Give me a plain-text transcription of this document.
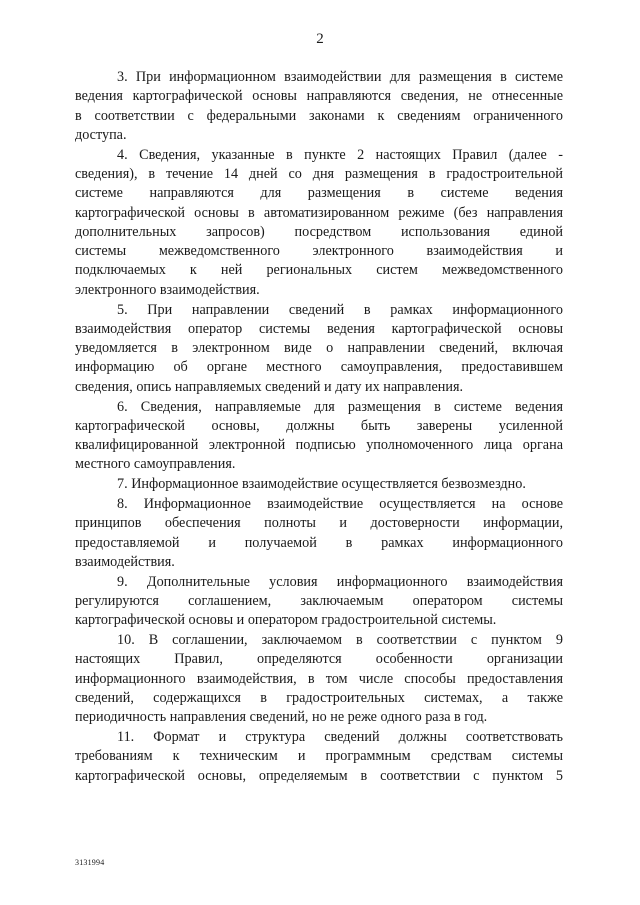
2
3. При информационном взаимодействии для размещения в системе
ведения картографической основы направляются сведения, не отнесенные
в соответствии с федеральными законами к сведениям ограниченного
доступа.
4. Сведения, указанные в пункте 2 настоящих Правил (далее -
сведения), в течение 14 дней со дня размещения в градостроительной
системе направляются для размещения в системе ведения
картографической основы в автоматизированном режиме (без направления
дополнительных запросов) посредством использования единой
системы межведомственного электронного взаимодействия и
подключаемых к ней региональных систем межведомственного
электронного взаимодействия.
5. При направлении сведений в рамках информационного
взаимодействия оператор системы ведения картографической основы
уведомляется в электронном виде о направлении сведений, включая
информацию об органе местного самоуправления, предоставившем
сведения, опись направляемых сведений и дату их направления.
6. Сведения, направляемые для размещения в системе ведения
картографической основы, должны быть заверены усиленной
квалифицированной электронной подписью уполномоченного лица органа
местного самоуправления.
7. Информационное взаимодействие осуществляется безвозмездно.
8. Информационное взаимодействие осуществляется на основе
принципов обеспечения полноты и достоверности информации,
предоставляемой и получаемой в рамках информационного
взаимодействия.
9. Дополнительные условия информационного взаимодействия
регулируются соглашением, заключаемым оператором системы
картографической основы и оператором градостроительной системы.
10. В соглашении, заключаемом в соответствии с пунктом 9
настоящих Правил, определяются особенности организации
информационного взаимодействия, в том числе способы предоставления
сведений, содержащихся в градостроительных системах, а также
периодичность направления сведений, но не реже одного раза в год.
11. Формат и структура сведений должны соответствовать
требованиям к техническим и программным средствам системы
картографической основы, определяемым в соответствии с пунктом 5
3131994
